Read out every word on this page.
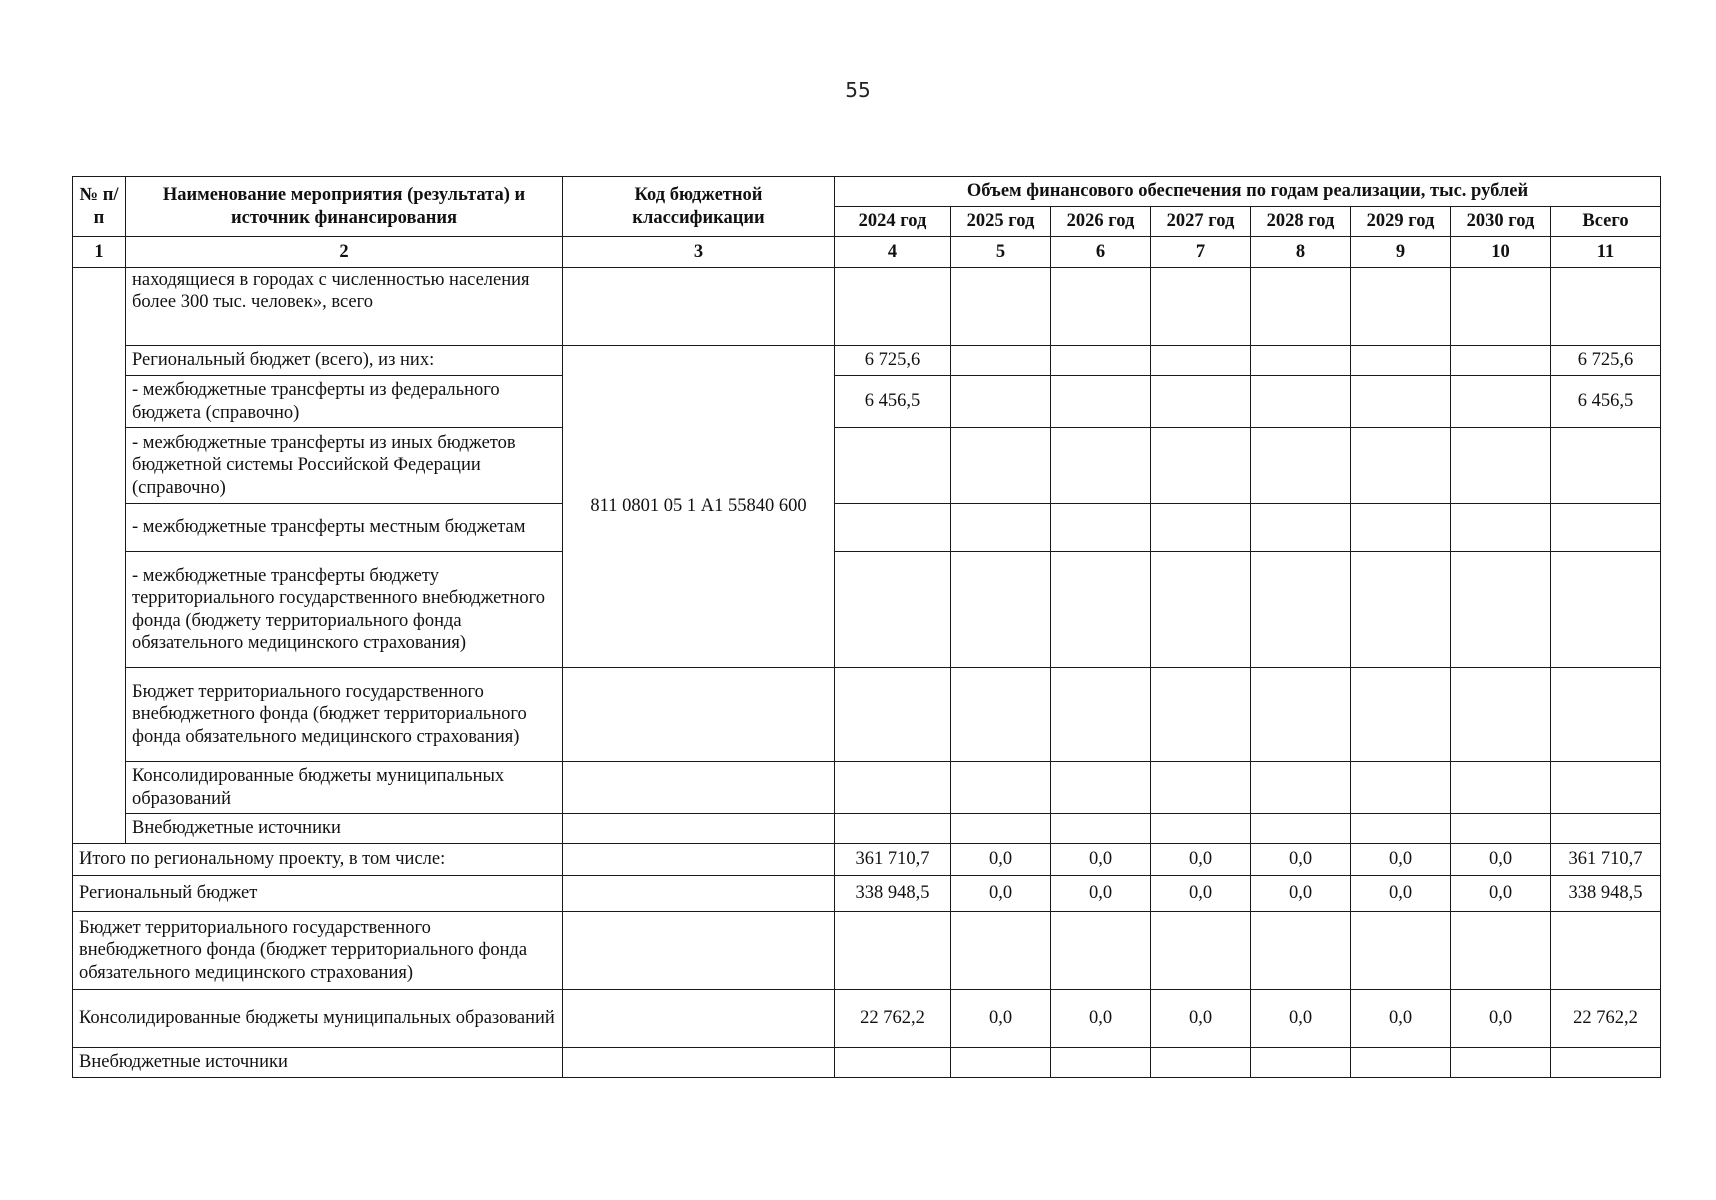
55
№ п/п	Наименование мероприятия (результата) и источник финансирования	Код бюджетной классификации	Объем финансового обеспечения по годам реализации, тыс. рублей							
			2024 год	2025 год	2026 год	2027 год	2028 год	2029 год	2030 год	Всего
1	2	3	4	5	6	7	8	9	10	11
	находящиеся в городах с численностью населения более 300 тыс. человек», всего									
	Региональный бюджет (всего), из них:	811 0801 05 1 А1 55840 600	6 725,6							6 725,6
	- межбюджетные трансферты из федерального бюджета (справочно)		6 456,5							6 456,5
	- межбюджетные трансферты из иных бюджетов бюджетной системы Российской Федерации (справочно)									
	- межбюджетные трансферты местным бюджетам									
	- межбюджетные трансферты бюджету территориального государственного внебюджетного фонда (бюджету территориального фонда обязательного медицинского страхования)									
	Бюджет территориального государственного внебюджетного фонда (бюджет территориального фонда обязательного медицинского страхования)									
	Консолидированные бюджеты муниципальных образований									
	Внебюджетные источники									
Итого по региональному проекту, в том числе:			361 710,7	0,0	0,0	0,0	0,0	0,0	0,0	361 710,7
Региональный бюджет			338 948,5	0,0	0,0	0,0	0,0	0,0	0,0	338 948,5
Бюджет территориального государственного внебюджетного фонда (бюджет территориального фонда обязательного медицинского страхования)										
Консолидированные бюджеты муниципальных образований			22 762,2	0,0	0,0	0,0	0,0	0,0	0,0	22 762,2
Внебюджетные источники										
